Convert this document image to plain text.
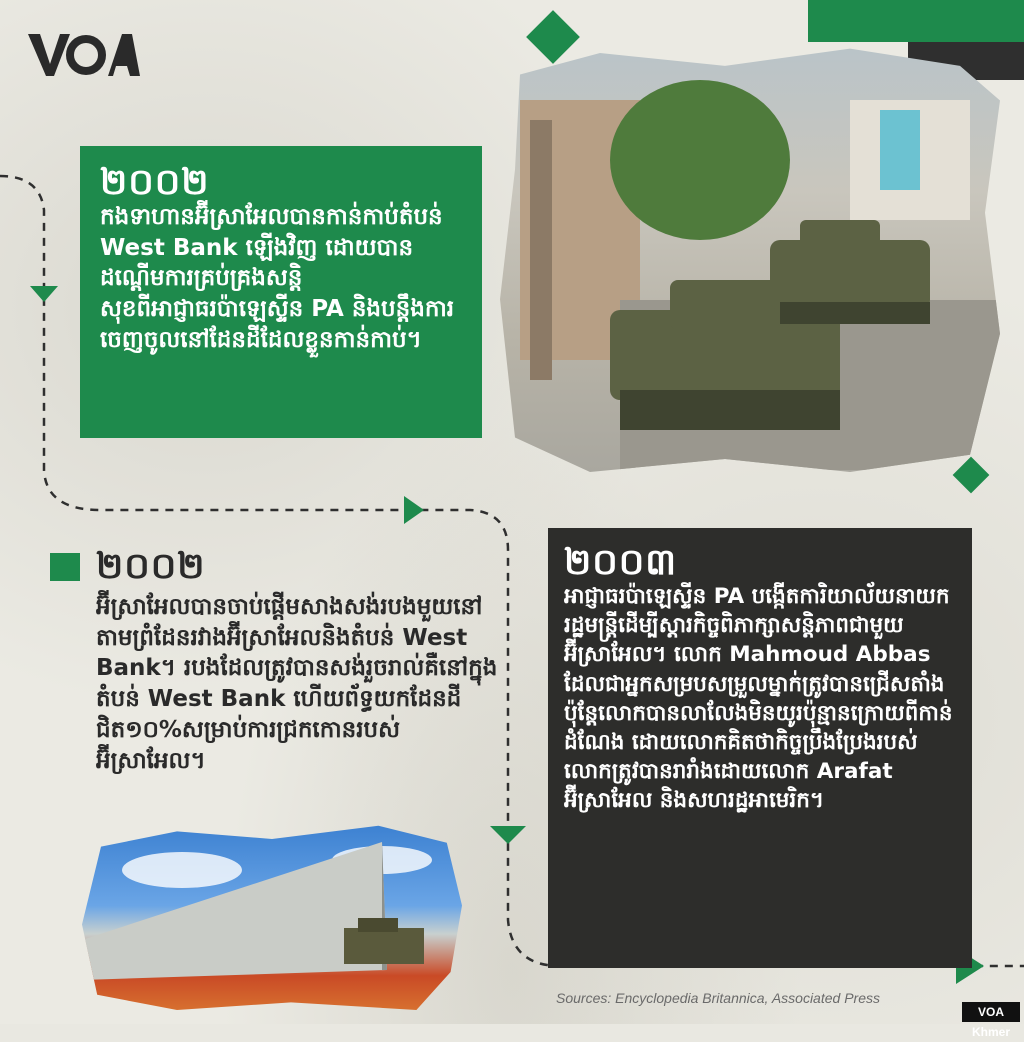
២០០២
កងទាហានអ៊ីស្រាអែលបានកាន់កាប់តំបន់ West Bank ឡើងវិញ ដោយបានដណ្ដើមការគ្រប់គ្រងសន្តិសុខពីអាជ្ញាធរប៉ាឡេស្ទីន PA និងបន្តឹងការចេញចូលនៅដែនដីដែលខ្លួនកាន់កាប់។
២០០២
អ៊ីស្រាអែលបានចាប់ផ្ដើមសាងសង់របងមួយនៅតាមព្រំដែនរវាងអ៊ីស្រាអែលនិងតំបន់ West Bank។ របងដែលត្រូវបានសង់រួចរាល់គឺនៅក្នុងតំបន់ West Bank ហើយព័ទ្ធយកដែនដីជិត១០%សម្រាប់ការជ្រកកោនរបស់អ៊ីស្រាអែល។
២០០៣
អាជ្ញាធរប៉ាឡេស្ទីន PA បង្កើតការិយាល័យនាយករដ្ឋមន្ត្រីដើម្បីស្ដារកិច្ចពិភាក្សាសន្តិភាពជាមួយអ៊ីស្រាអែល។ លោក Mahmoud Abbas ដែលជាអ្នកសម្របសម្រួលម្នាក់ត្រូវបានជ្រើសតាំងប៉ុន្តែលោកបានលាលែងមិនយូរប៉ុន្មានក្រោយពីកាន់ដំណែង ដោយលោកគិតថាកិច្ចប្រឹងប្រែងរបស់លោកត្រូវបានរារាំងដោយលោក Arafat អ៊ីស្រាអែល និងសហរដ្ឋអាមេរិក។
Sources: Encyclopedia Britannica, Associated Press
VOA Khmer
